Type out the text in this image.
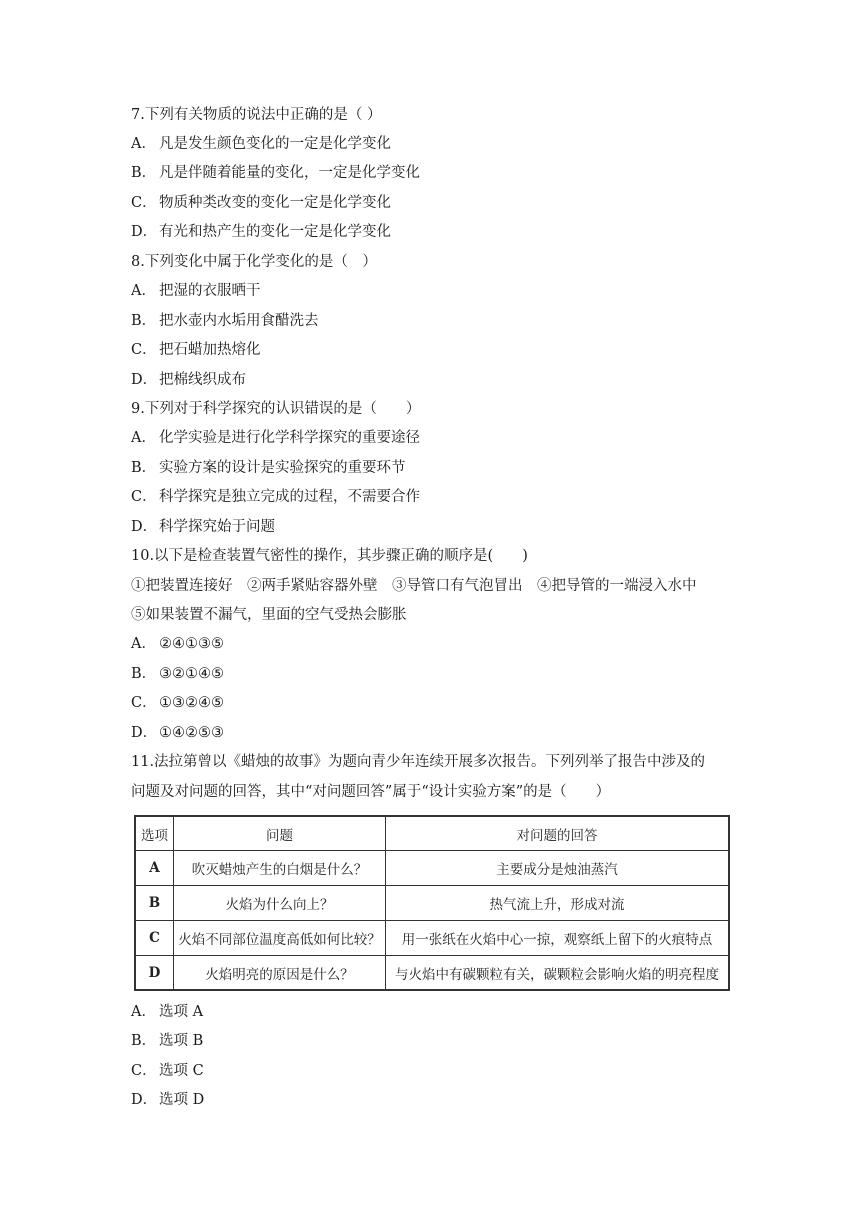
7.下列有关物质的说法中正确的是（ ）
A． 凡是发生颜色变化的一定是化学变化
B． 凡是伴随着能量的变化，一定是化学变化
C． 物质种类改变的变化一定是化学变化
D． 有光和热产生的变化一定是化学变化
8.下列变化中属于化学变化的是（　）
A． 把湿的衣服晒干
B． 把水壶内水垢用食醋洗去
C． 把石蜡加热熔化
D． 把棉线织成布
9.下列对于科学探究的认识错误的是（　　）
A． 化学实验是进行化学科学探究的重要途径
B． 实验方案的设计是实验探究的重要环节
C． 科学探究是独立完成的过程，不需要合作
D． 科学探究始于问题
10.以下是检查装置气密性的操作，其步骤正确的顺序是(　　)
①把装置连接好　②两手紧贴容器外壁　③导管口有气泡冒出　④把导管的一端浸入水中
⑤如果装置不漏气，里面的空气受热会膨胀
A． ②④①③⑤
B． ③②①④⑤
C． ①③②④⑤
D． ①④②⑤③
11.法拉第曾以《蜡烛的故事》为题向青少年连续开展多次报告。下列列举了报告中涉及的
问题及对问题的回答，其中“对问题回答”属于“设计实验方案”的是（　　）
选项	问题	对问题的回答
A	吹灭蜡烛产生的白烟是什么？	主要成分是烛油蒸汽
B	火焰为什么向上？	热气流上升，形成对流
C	火焰不同部位温度高低如何比较？	用一张纸在火焰中心一掠，观察纸上留下的火痕特点
D	火焰明亮的原因是什么？	与火焰中有碳颗粒有关，碳颗粒会影响火焰的明亮程度
A． 选项 A
B． 选项 B
C． 选项 C
D． 选项 D
